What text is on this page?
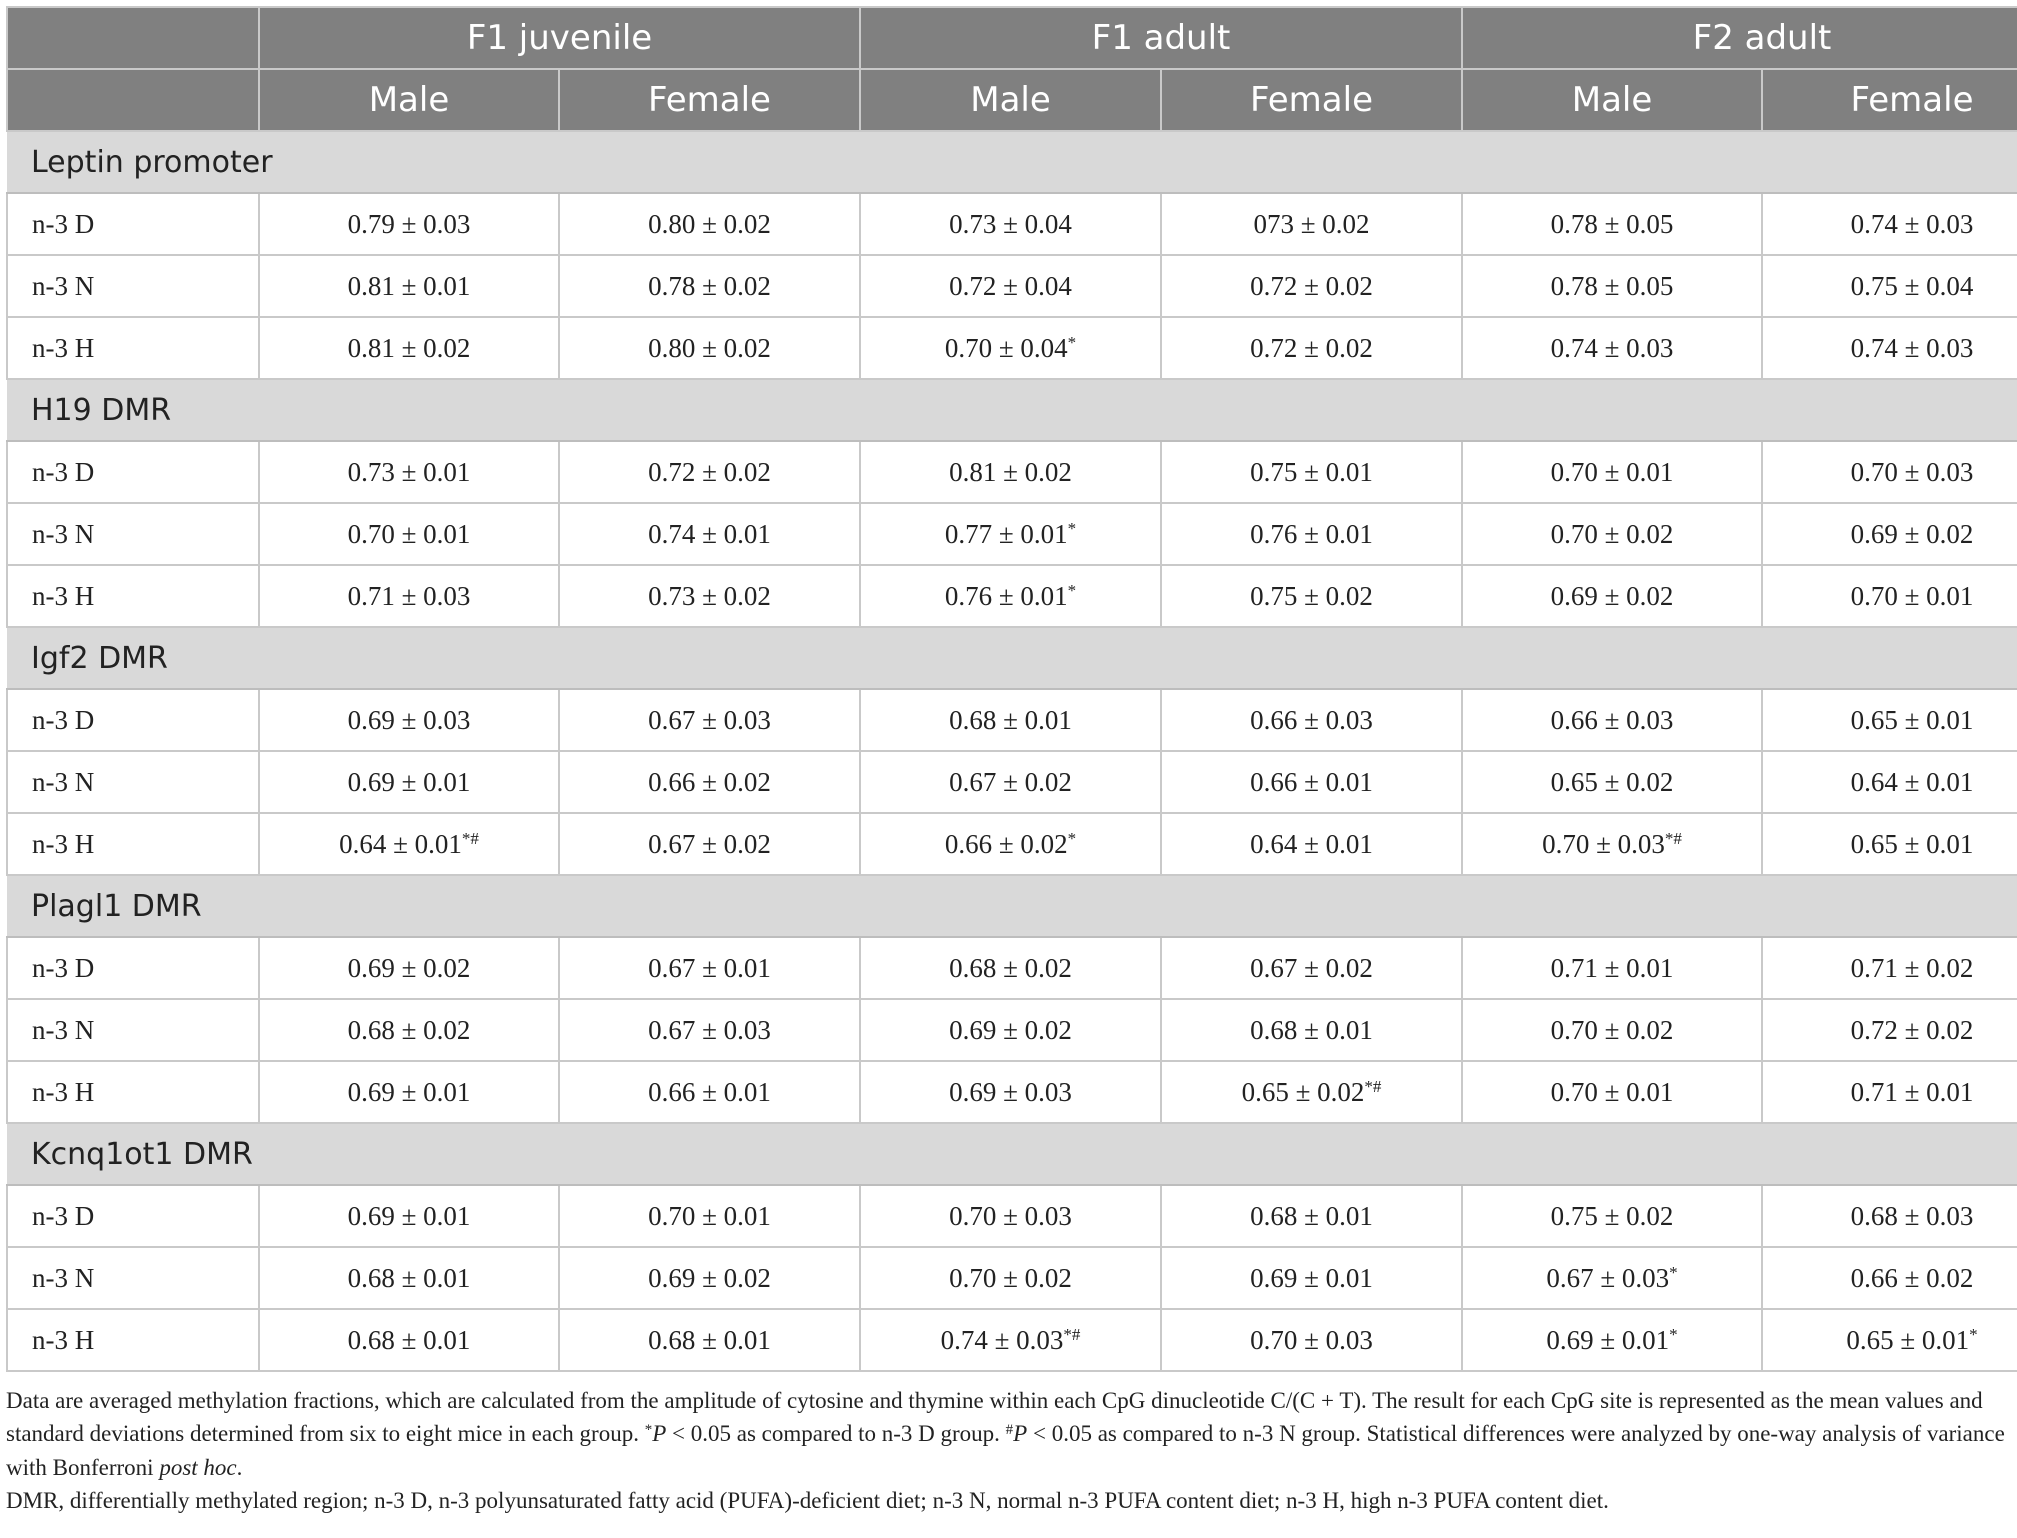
	F1 juvenile		F1 adult		F2 adult	
	Male	Female	Male	Female	Male	Female
Leptin promoter						
n-3 D	0.79 ± 0.03	0.80 ± 0.02	0.73 ± 0.04	073 ± 0.02	0.78 ± 0.05	0.74 ± 0.03
n-3 N	0.81 ± 0.01	0.78 ± 0.02	0.72 ± 0.04	0.72 ± 0.02	0.78 ± 0.05	0.75 ± 0.04
n-3 H	0.81 ± 0.02	0.80 ± 0.02	0.70 ± 0.04*	0.72 ± 0.02	0.74 ± 0.03	0.74 ± 0.03
H19 DMR						
n-3 D	0.73 ± 0.01	0.72 ± 0.02	0.81 ± 0.02	0.75 ± 0.01	0.70 ± 0.01	0.70 ± 0.03
n-3 N	0.70 ± 0.01	0.74 ± 0.01	0.77 ± 0.01*	0.76 ± 0.01	0.70 ± 0.02	0.69 ± 0.02
n-3 H	0.71 ± 0.03	0.73 ± 0.02	0.76 ± 0.01*	0.75 ± 0.02	0.69 ± 0.02	0.70 ± 0.01
Igf2 DMR						
n-3 D	0.69 ± 0.03	0.67 ± 0.03	0.68 ± 0.01	0.66 ± 0.03	0.66 ± 0.03	0.65 ± 0.01
n-3 N	0.69 ± 0.01	0.66 ± 0.02	0.67 ± 0.02	0.66 ± 0.01	0.65 ± 0.02	0.64 ± 0.01
n-3 H	0.64 ± 0.01*#	0.67 ± 0.02	0.66 ± 0.02*	0.64 ± 0.01	0.70 ± 0.03*#	0.65 ± 0.01
Plagl1 DMR						
n-3 D	0.69 ± 0.02	0.67 ± 0.01	0.68 ± 0.02	0.67 ± 0.02	0.71 ± 0.01	0.71 ± 0.02
n-3 N	0.68 ± 0.02	0.67 ± 0.03	0.69 ± 0.02	0.68 ± 0.01	0.70 ± 0.02	0.72 ± 0.02
n-3 H	0.69 ± 0.01	0.66 ± 0.01	0.69 ± 0.03	0.65 ± 0.02*#	0.70 ± 0.01	0.71 ± 0.01
Kcnq1ot1 DMR						
n-3 D	0.69 ± 0.01	0.70 ± 0.01	0.70 ± 0.03	0.68 ± 0.01	0.75 ± 0.02	0.68 ± 0.03
n-3 N	0.68 ± 0.01	0.69 ± 0.02	0.70 ± 0.02	0.69 ± 0.01	0.67 ± 0.03*	0.66 ± 0.02
n-3 H	0.68 ± 0.01	0.68 ± 0.01	0.74 ± 0.03*#	0.70 ± 0.03	0.69 ± 0.01*	0.65 ± 0.01*

Data are averaged methylation fractions, which are calculated from the amplitude of cytosine and thymine within each CpG dinucleotide C/(C + T). The result for each CpG site is represented as the mean values and standard deviations determined from six to eight mice in each group. *P < 0.05 as compared to n-3 D group. #P < 0.05 as compared to n-3 N group. Statistical differences were analyzed by one-way analysis of variance with Bonferroni post hoc.

DMR, differentially methylated region; n-3 D, n-3 polyunsaturated fatty acid (PUFA)-deficient diet; n-3 N, normal n-3 PUFA content diet; n-3 H, high n-3 PUFA content diet.
